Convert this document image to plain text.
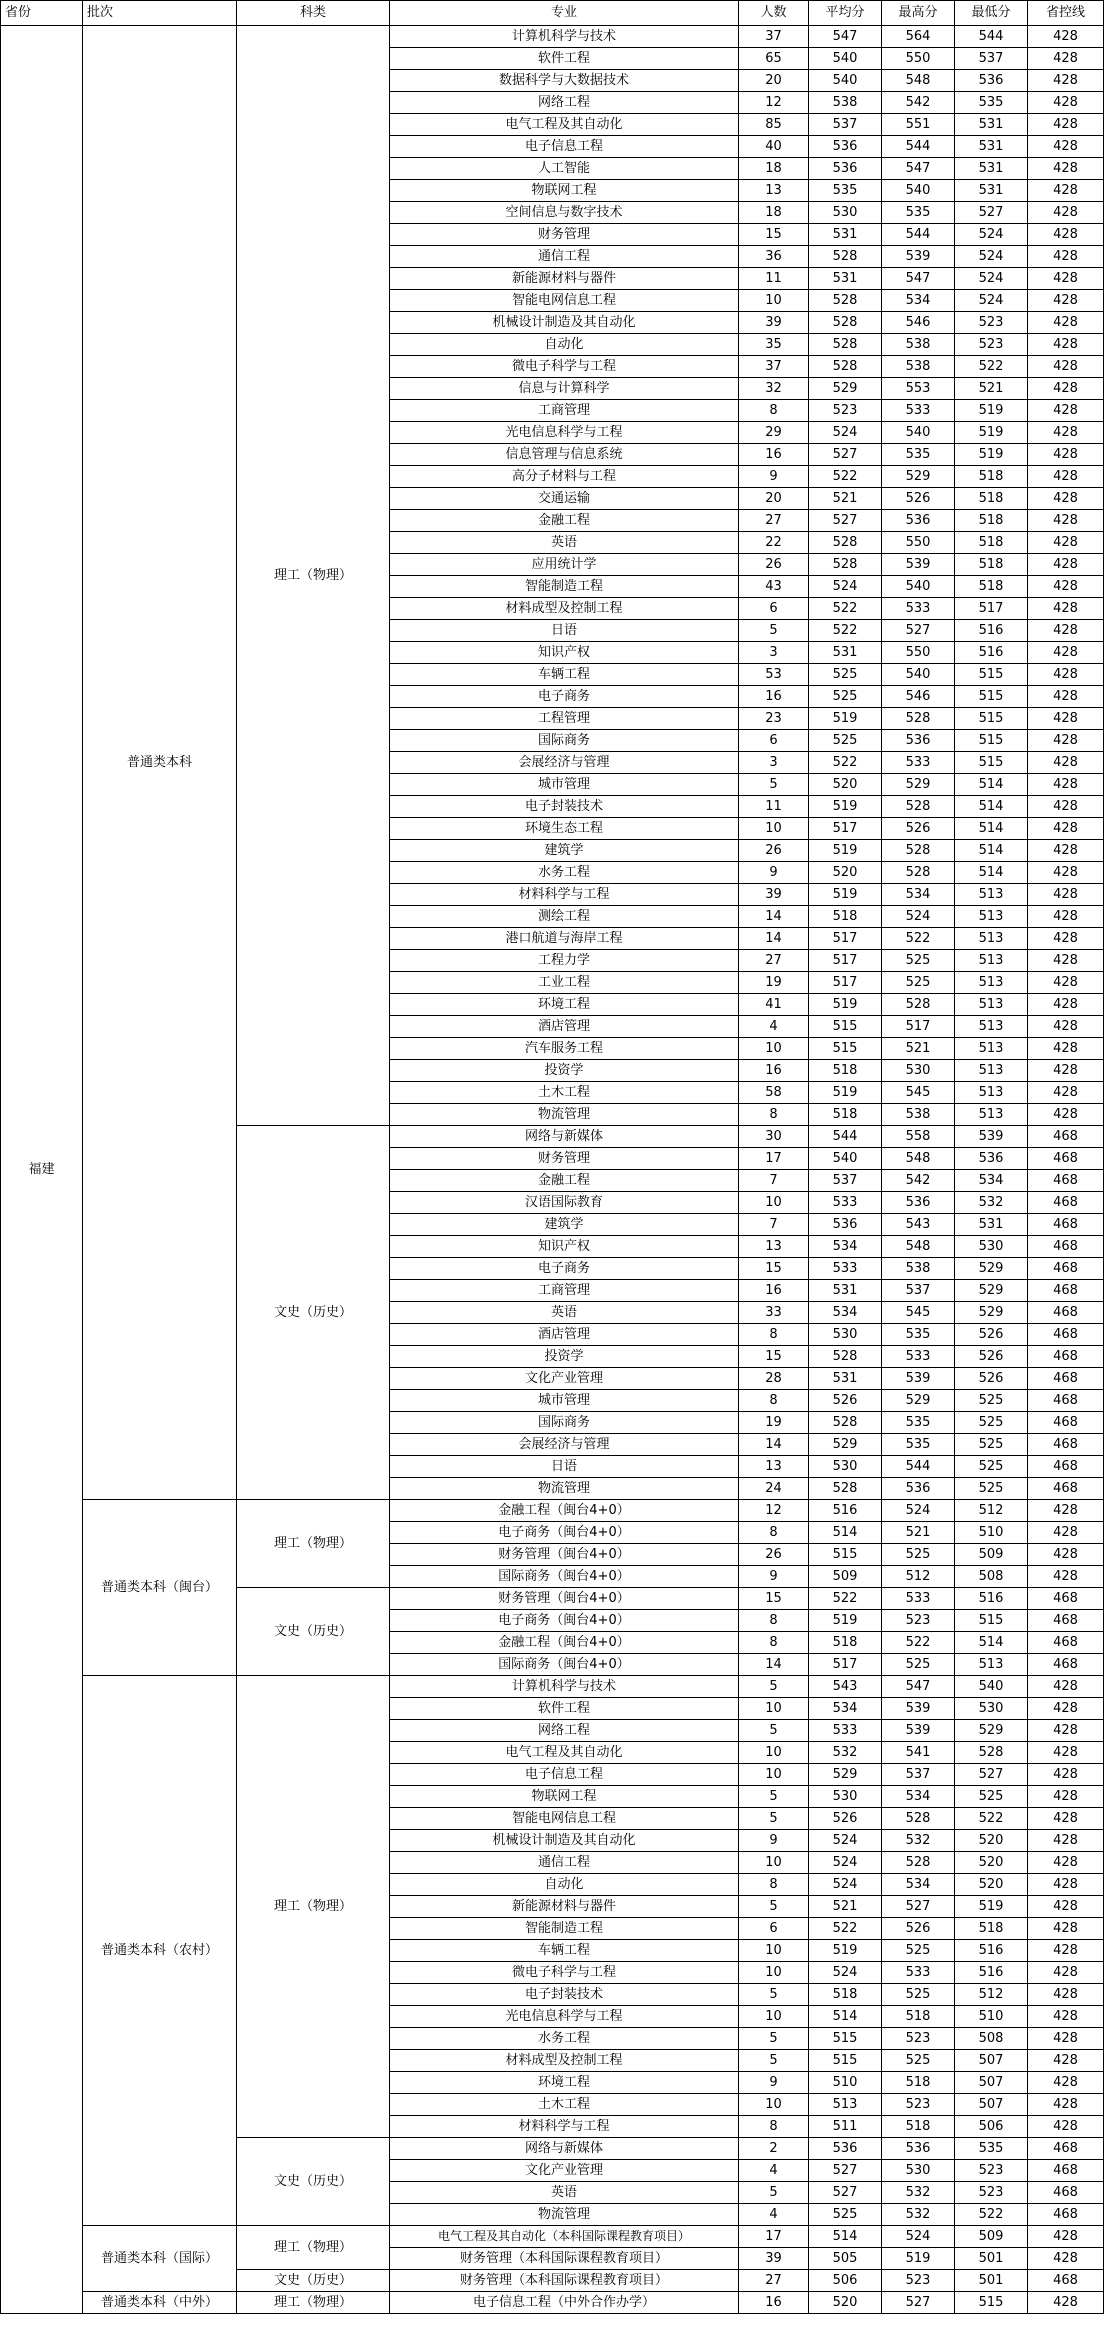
省份	批次	科类	专业	人数	平均分	最高分	最低分	省控线
福建	普通类本科	理工（物理）	计算机科学与技术	37	547	564	544	428
			软件工程	65	540	550	537	428
			数据科学与大数据技术	20	540	548	536	428
			网络工程	12	538	542	535	428
			电气工程及其自动化	85	537	551	531	428
			电子信息工程	40	536	544	531	428
			人工智能	18	536	547	531	428
			物联网工程	13	535	540	531	428
			空间信息与数字技术	18	530	535	527	428
			财务管理	15	531	544	524	428
			通信工程	36	528	539	524	428
			新能源材料与器件	11	531	547	524	428
			智能电网信息工程	10	528	534	524	428
			机械设计制造及其自动化	39	528	546	523	428
			自动化	35	528	538	523	428
			微电子科学与工程	37	528	538	522	428
			信息与计算科学	32	529	553	521	428
			工商管理	8	523	533	519	428
			光电信息科学与工程	29	524	540	519	428
			信息管理与信息系统	16	527	535	519	428
			高分子材料与工程	9	522	529	518	428
			交通运输	20	521	526	518	428
			金融工程	27	527	536	518	428
			英语	22	528	550	518	428
			应用统计学	26	528	539	518	428
			智能制造工程	43	524	540	518	428
			材料成型及控制工程	6	522	533	517	428
			日语	5	522	527	516	428
			知识产权	3	531	550	516	428
			车辆工程	53	525	540	515	428
			电子商务	16	525	546	515	428
			工程管理	23	519	528	515	428
			国际商务	6	525	536	515	428
			会展经济与管理	3	522	533	515	428
			城市管理	5	520	529	514	428
			电子封装技术	11	519	528	514	428
			环境生态工程	10	517	526	514	428
			建筑学	26	519	528	514	428
			水务工程	9	520	528	514	428
			材料科学与工程	39	519	534	513	428
			测绘工程	14	518	524	513	428
			港口航道与海岸工程	14	517	522	513	428
			工程力学	27	517	525	513	428
			工业工程	19	517	525	513	428
			环境工程	41	519	528	513	428
			酒店管理	4	515	517	513	428
			汽车服务工程	10	515	521	513	428
			投资学	16	518	530	513	428
			土木工程	58	519	545	513	428
			物流管理	8	518	538	513	428
		文史（历史）	网络与新媒体	30	544	558	539	468
			财务管理	17	540	548	536	468
			金融工程	7	537	542	534	468
			汉语国际教育	10	533	536	532	468
			建筑学	7	536	543	531	468
			知识产权	13	534	548	530	468
			电子商务	15	533	538	529	468
			工商管理	16	531	537	529	468
			英语	33	534	545	529	468
			酒店管理	8	530	535	526	468
			投资学	15	528	533	526	468
			文化产业管理	28	531	539	526	468
			城市管理	8	526	529	525	468
			国际商务	19	528	535	525	468
			会展经济与管理	14	529	535	525	468
			日语	13	530	544	525	468
			物流管理	24	528	536	525	468
	普通类本科（闽台）	理工（物理）	金融工程（闽台4+0）	12	516	524	512	428
			电子商务（闽台4+0）	8	514	521	510	428
			财务管理（闽台4+0）	26	515	525	509	428
			国际商务（闽台4+0）	9	509	512	508	428
		文史（历史）	财务管理（闽台4+0）	15	522	533	516	468
			电子商务（闽台4+0）	8	519	523	515	468
			金融工程（闽台4+0）	8	518	522	514	468
			国际商务（闽台4+0）	14	517	525	513	468
	普通类本科（农村）	理工（物理）	计算机科学与技术	5	543	547	540	428
			软件工程	10	534	539	530	428
			网络工程	5	533	539	529	428
			电气工程及其自动化	10	532	541	528	428
			电子信息工程	10	529	537	527	428
			物联网工程	5	530	534	525	428
			智能电网信息工程	5	526	528	522	428
			机械设计制造及其自动化	9	524	532	520	428
			通信工程	10	524	528	520	428
			自动化	8	524	534	520	428
			新能源材料与器件	5	521	527	519	428
			智能制造工程	6	522	526	518	428
			车辆工程	10	519	525	516	428
			微电子科学与工程	10	524	533	516	428
			电子封装技术	5	518	525	512	428
			光电信息科学与工程	10	514	518	510	428
			水务工程	5	515	523	508	428
			材料成型及控制工程	5	515	525	507	428
			环境工程	9	510	518	507	428
			土木工程	10	513	523	507	428
			材料科学与工程	8	511	518	506	428
		文史（历史）	网络与新媒体	2	536	536	535	468
			文化产业管理	4	527	530	523	468
			英语	5	527	532	523	468
			物流管理	4	525	532	522	468
	普通类本科（国际）	理工（物理）	电气工程及其自动化（本科国际课程教育项目）	17	514	524	509	428
			财务管理（本科国际课程教育项目）	39	505	519	501	428
		文史（历史）	财务管理（本科国际课程教育项目）	27	506	523	501	468
	普通类本科（中外）	理工（物理）	电子信息工程（中外合作办学）	16	520	527	515	428
